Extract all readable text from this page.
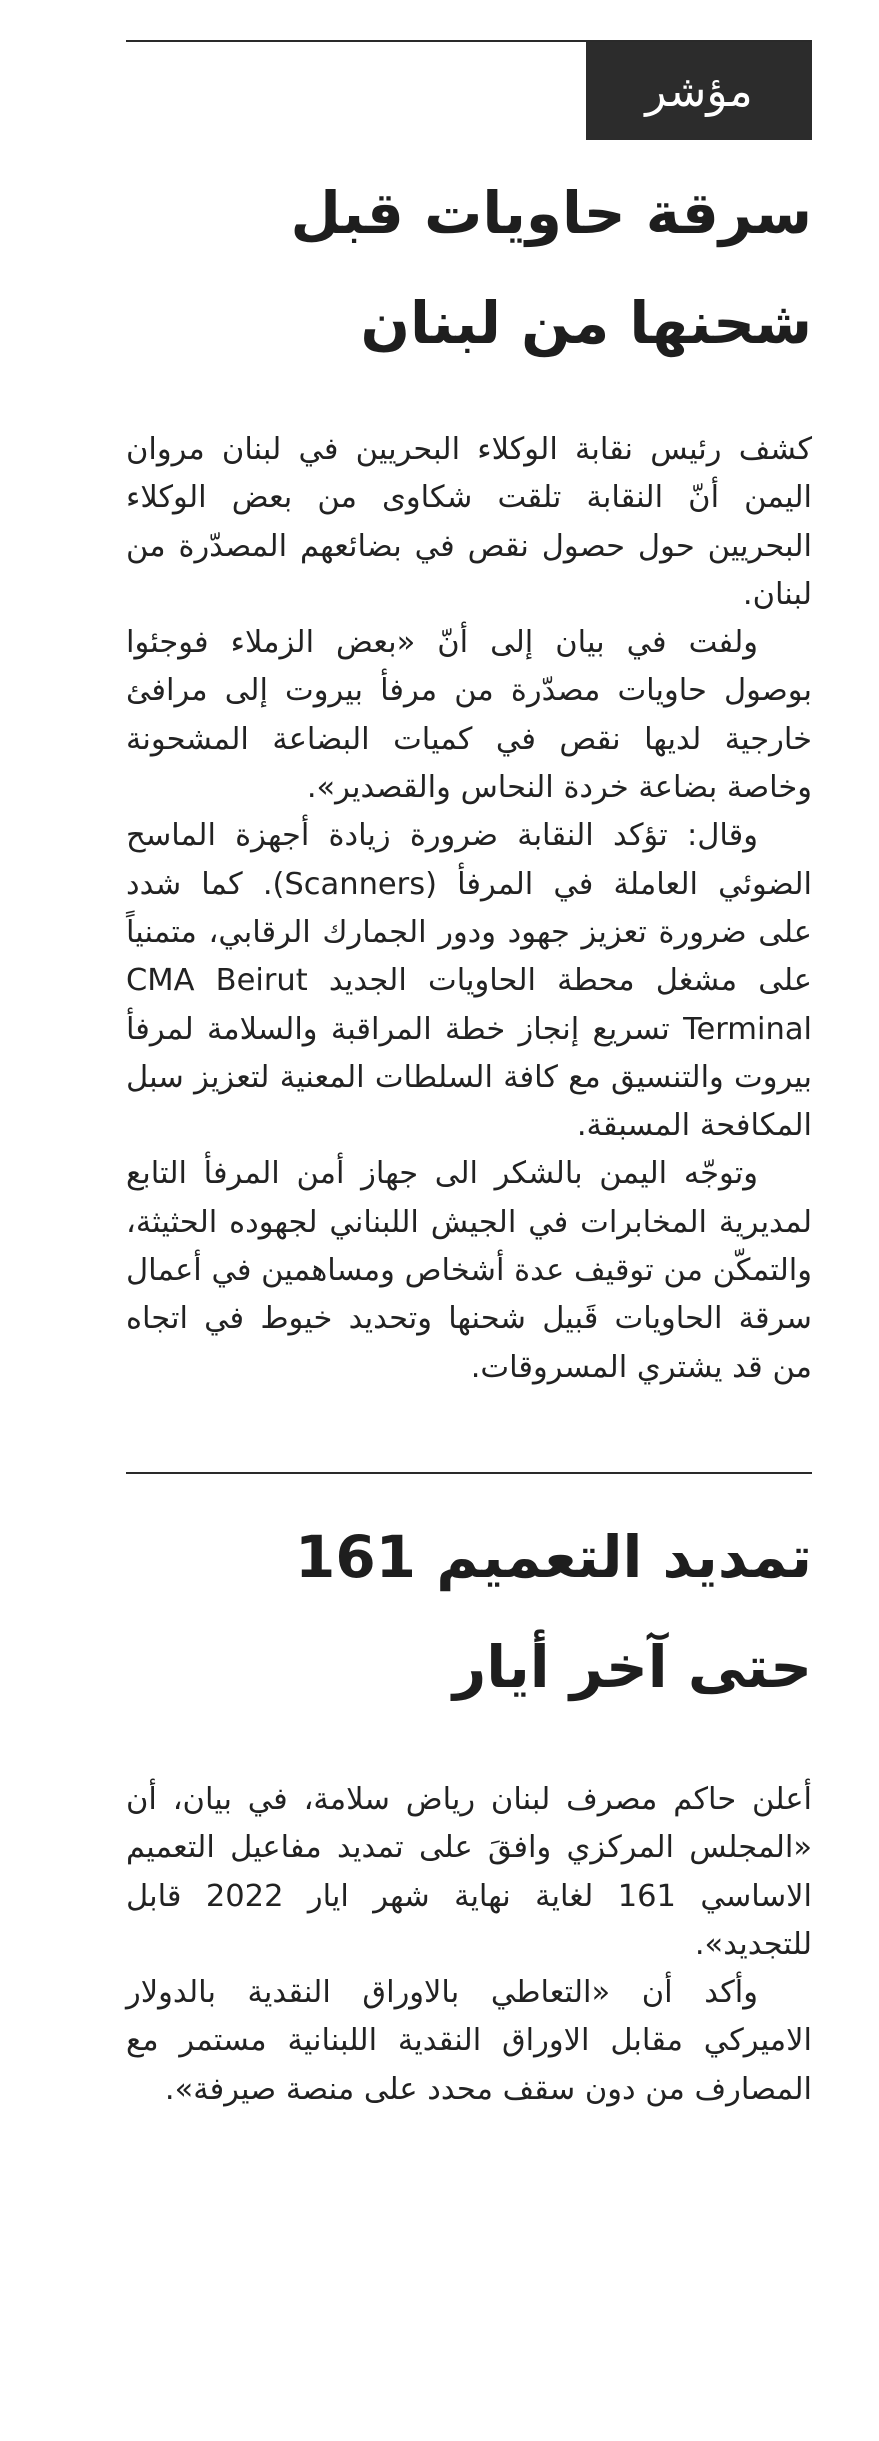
مؤشر
سرقة حاويات قبل
شحنها من لبنان

كشف رئيس نقابة الوكلاء البحريين في لبنان مروان اليمن أنّ النقابة تلقت شكاوى من بعض الوكلاء البحريين حول حصول نقص في بضائعهم المصدّرة من لبنان.

ولفت في بيان إلى أنّ «بعض الزملاء فوجئوا بوصول حاويات مصدّرة من مرفأ بيروت إلى مرافئ خارجية لديها نقص في كميات البضاعة المشحونة وخاصة بضاعة خردة النحاس والقصدير».

وقال: تؤكد النقابة ضرورة زيادة أجهزة الماسح الضوئي العاملة في المرفأ (Scanners). كما شدد على ضرورة تعزيز جهود ودور الجمارك الرقابي، متمنياً على مشغل محطة الحاويات الجديد CMA Beirut Terminal تسريع إنجاز خطة المراقبة والسلامة لمرفأ بيروت والتنسيق مع كافة السلطات المعنية لتعزيز سبل المكافحة المسبقة.

وتوجّه اليمن بالشكر الى جهاز أمن المرفأ التابع لمديرية المخابرات في الجيش اللبناني لجهوده الحثيثة، والتمكّن من توقيف عدة أشخاص ومساهمين في أعمال سرقة الحاويات قَبيل شحنها وتحديد خيوط في اتجاه من قد يشتري المسروقات.

تمديد التعميم 161
حتى آخر أيار

أعلن حاكم مصرف لبنان رياض سلامة، في بيان، أن «المجلس المركزي وافقَ على تمديد مفاعيل التعميم الاساسي 161 لغاية نهاية شهر ايار 2022 قابل للتجديد».

وأكد أن «التعاطي بالاوراق النقدية بالدولار الاميركي مقابل الاوراق النقدية اللبنانية مستمر مع المصارف من دون سقف محدد على منصة صيرفة».
